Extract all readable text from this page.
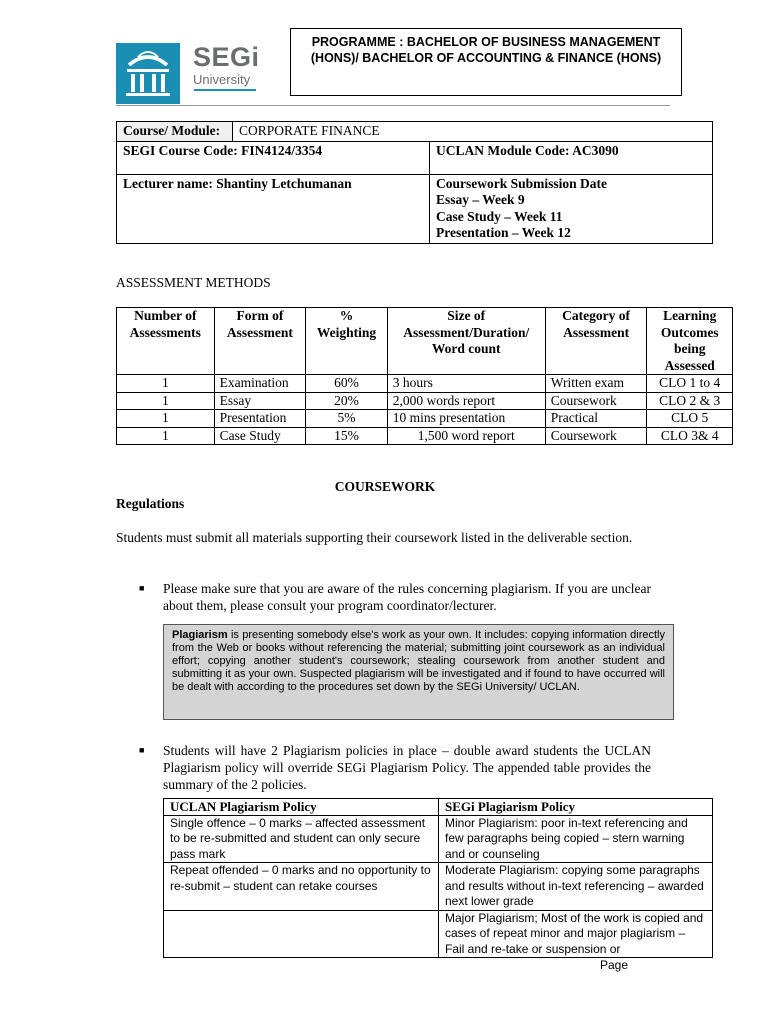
SEGi
University
PROGRAMME : BACHELOR OF BUSINESS MANAGEMENT (HONS)/ BACHELOR OF ACCOUNTING & FINANCE (HONS)
Course/ Module:	CORPORATE FINANCE	
SEGI Course Code: FIN4124/3354		UCLAN Module Code: AC3090
Lecturer name: Shantiny Letchumanan		Coursework Submission Date
Essay – Week 9
Case Study – Week 11
Presentation – Week 12
ASSESSMENT METHODS
Number of Assessments	Form of Assessment	% Weighting	Size of Assessment/Duration/ Word count	Category of Assessment	Learning Outcomes being Assessed
1	Examination	60%	3 hours	Written exam	CLO 1 to 4
1	Essay	20%	2,000 words report	Coursework	CLO 2 & 3
1	Presentation	5%	10 mins presentation	Practical	CLO 5
1	Case Study	15%	1,500 word report	Coursework	CLO 3& 4
COURSEWORK
Regulations
Students must submit all materials supporting their coursework listed in the deliverable section.
■ Please make sure that you are aware of the rules concerning plagiarism. If you are unclear about them, please consult your program coordinator/lecturer.
Plagiarism is presenting somebody else's work as your own. It includes: copying information directly from the Web or books without referencing the material; submitting joint coursework as an individual effort; copying another student's coursework; stealing coursework from another student and submitting it as your own. Suspected plagiarism will be investigated and if found to have occurred will be dealt with according to the procedures set down by the SEGi University/ UCLAN.
■ Students will have 2 Plagiarism policies in place – double award students the UCLAN Plagiarism policy will override SEGi Plagiarism Policy. The appended table provides the summary of the 2 policies.
UCLAN Plagiarism Policy	SEGi Plagiarism Policy
Single offence – 0 marks – affected assessment to be re-submitted and student can only secure pass mark	Minor Plagiarism: poor in-text referencing and few paragraphs being copied – stern warning and or counseling
Repeat offended – 0 marks and no opportunity to re-submit – student can retake courses	Moderate Plagiarism: copying some paragraphs and results without in-text referencing – awarded next lower grade
	Major Plagiarism; Most of the work is copied and cases of repeat minor and major plagiarism – Fail and re-take or suspension or
Page
